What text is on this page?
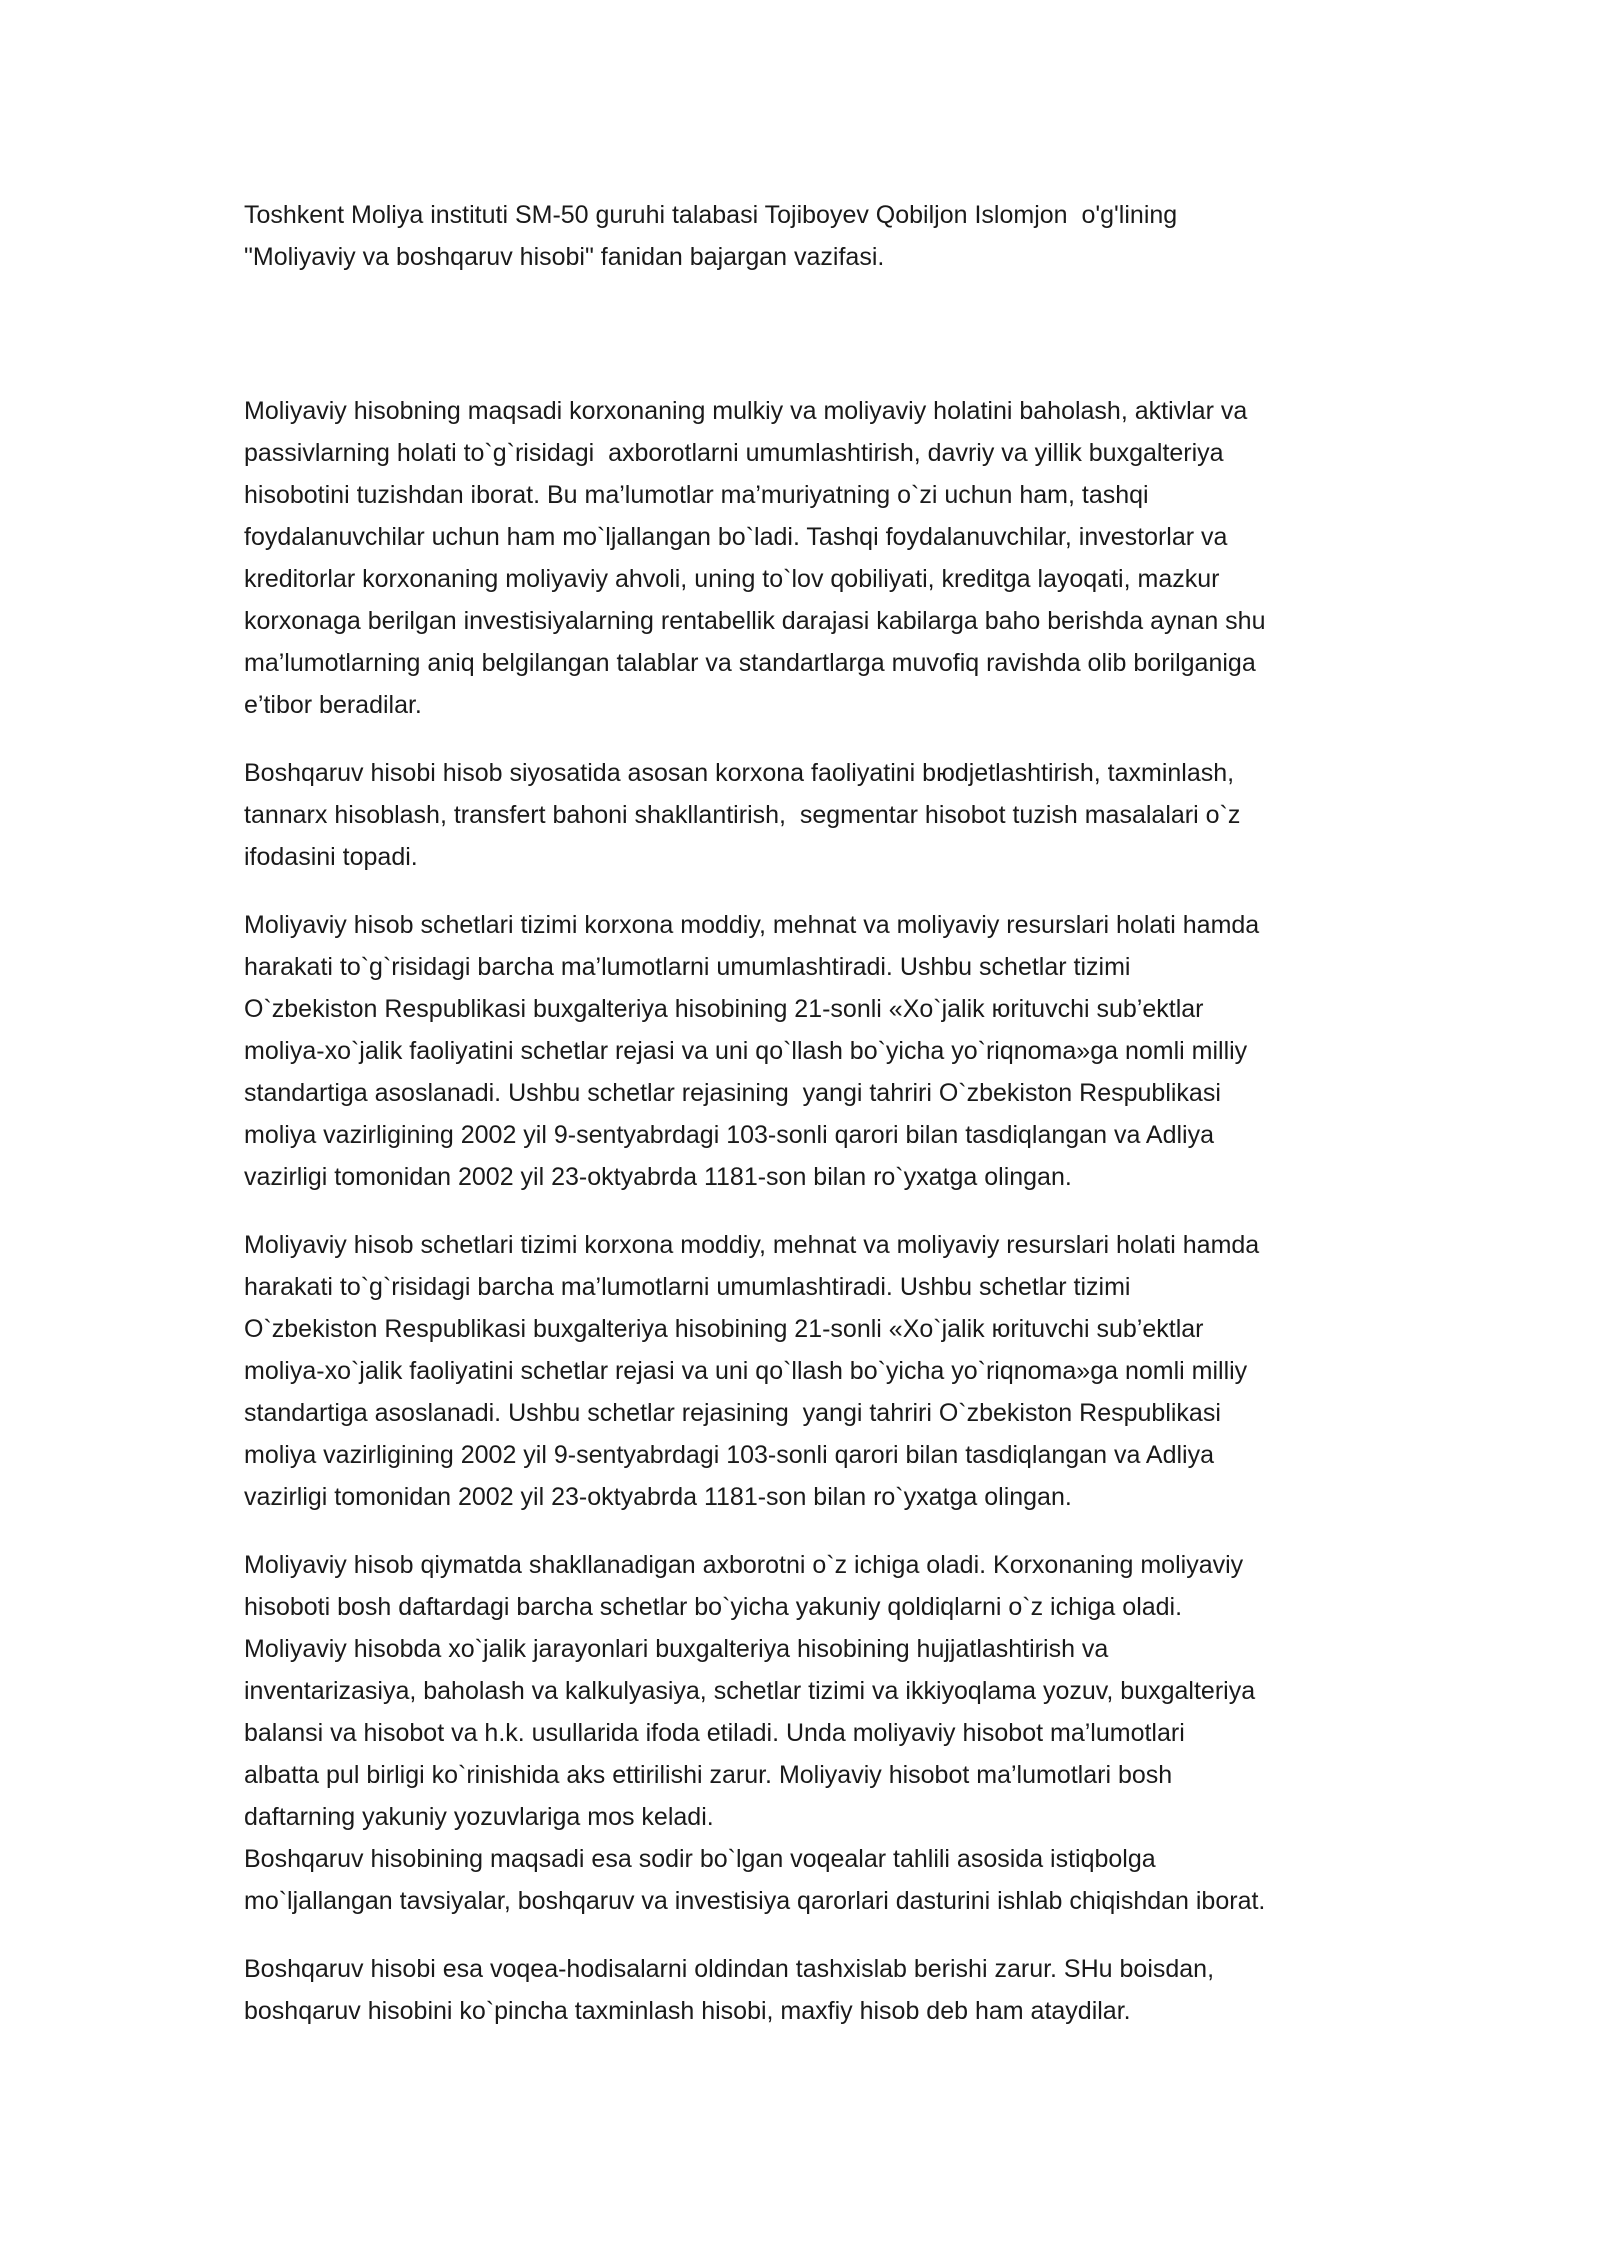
Toshkent Moliya instituti SM-50 guruhi talabasi Tojiboyev Qobiljon Islomjon  o'g'lining
"Moliyaviy va boshqaruv hisobi" fanidan bajargan vazifasi.
Moliyaviy hisobning maqsadi korxonaning mulkiy va moliyaviy holatini baholash, aktivlar va
passivlarning holati to`g`risidagi  axborotlarni umumlashtirish, davriy va yillik buxgalteriya
hisobotini tuzishdan iborat. Bu ma’lumotlar ma’muriyatning o`zi uchun ham, tashqi
foydalanuvchilar uchun ham mo`ljallangan bo`ladi. Tashqi foydalanuvchilar, investorlar va
kreditorlar korxonaning moliyaviy ahvoli, uning to`lov qobiliyati, kreditga layoqati, mazkur
korxonaga berilgan investisiyalarning rentabellik darajasi kabilarga baho berishda aynan shu
ma’lumotlarning aniq belgilangan talablar va standartlarga muvofiq ravishda olib borilganiga
e’tibor beradilar.
Boshqaruv hisobi hisob siyosatida asosan korxona faoliyatini bюdjetlashtirish, taxminlash,
tannarx hisoblash, transfert bahoni shakllantirish,  segmentar hisobot tuzish masalalari o`z
ifodasini topadi.
Moliyaviy hisob schetlari tizimi korxona moddiy, mehnat va moliyaviy resurslari holati hamda
harakati to`g`risidagi barcha ma’lumotlarni umumlashtiradi. Ushbu schetlar tizimi
O`zbekiston Respublikasi buxgalteriya hisobining 21-sonli «Xo`jalik юrituvchi sub’ektlar
moliya-xo`jalik faoliyatini schetlar rejasi va uni qo`llash bo`yicha yo`riqnoma»ga nomli milliy
standartiga asoslanadi. Ushbu schetlar rejasining  yangi tahriri O`zbekiston Respublikasi
moliya vazirligining 2002 yil 9-sentyabrdagi 103-sonli qarori bilan tasdiqlangan va Adliya
vazirligi tomonidan 2002 yil 23-oktyabrda 1181-son bilan ro`yxatga olingan.
Moliyaviy hisob schetlari tizimi korxona moddiy, mehnat va moliyaviy resurslari holati hamda
harakati to`g`risidagi barcha ma’lumotlarni umumlashtiradi. Ushbu schetlar tizimi
O`zbekiston Respublikasi buxgalteriya hisobining 21-sonli «Xo`jalik юrituvchi sub’ektlar
moliya-xo`jalik faoliyatini schetlar rejasi va uni qo`llash bo`yicha yo`riqnoma»ga nomli milliy
standartiga asoslanadi. Ushbu schetlar rejasining  yangi tahriri O`zbekiston Respublikasi
moliya vazirligining 2002 yil 9-sentyabrdagi 103-sonli qarori bilan tasdiqlangan va Adliya
vazirligi tomonidan 2002 yil 23-oktyabrda 1181-son bilan ro`yxatga olingan.
Moliyaviy hisob qiymatda shakllanadigan axborotni o`z ichiga oladi. Korxonaning moliyaviy
hisoboti bosh daftardagi barcha schetlar bo`yicha yakuniy qoldiqlarni o`z ichiga oladi.
Moliyaviy hisobda xo`jalik jarayonlari buxgalteriya hisobining hujjatlashtirish va
inventarizasiya, baholash va kalkulyasiya, schetlar tizimi va ikkiyoqlama yozuv, buxgalteriya
balansi va hisobot va h.k. usullarida ifoda etiladi. Unda moliyaviy hisobot ma’lumotlari
albatta pul birligi ko`rinishida aks ettirilishi zarur. Moliyaviy hisobot ma’lumotlari bosh
daftarning yakuniy yozuvlariga mos keladi.
Boshqaruv hisobining maqsadi esa sodir bo`lgan voqealar tahlili asosida istiqbolga
mo`ljallangan tavsiyalar, boshqaruv va investisiya qarorlari dasturini ishlab chiqishdan iborat.
Boshqaruv hisobi esa voqea-hodisalarni oldindan tashxislab berishi zarur. SHu boisdan,
boshqaruv hisobini ko`pincha taxminlash hisobi, maxfiy hisob deb ham ataydilar.
